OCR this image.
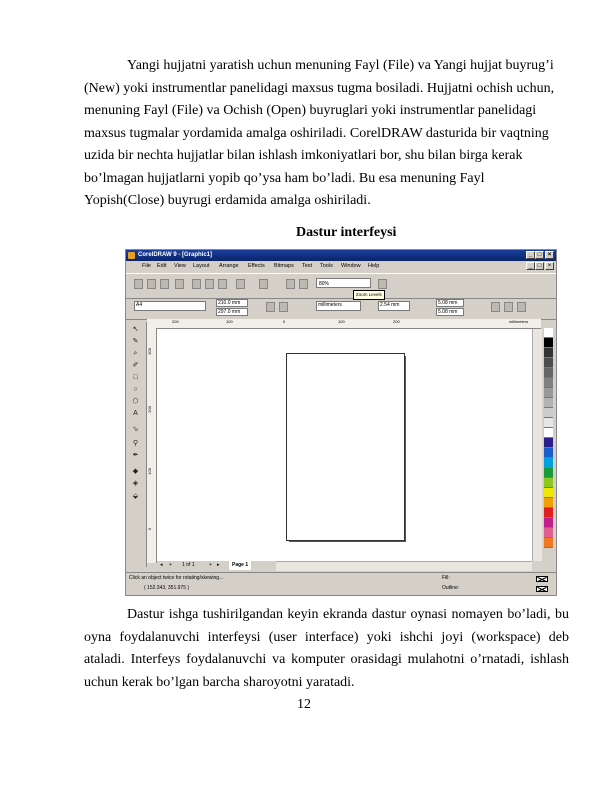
Yangi hujjatni yaratish uchun menuning Fayl (File) va Yangi hujjat buyrug’i
(New) yoki instrumentlar panelidagi maxsus tugma bosiladi. Hujjatni ochish uchun,
menuning Fayl (File) va Ochish (Open) buyruglari yoki instrumentlar panelidagi
maxsus tugmalar yordamida amalga oshiriladi. CorelDRAW dasturida bir vaqtning
uzida bir nechta hujjatlar bilan ishlash imkoniyatlari bor, shu bilan birga kerak
bo’lmagan hujjatlarni yopib qo’ysa ham bo’ladi. Bu esa menuning Fayl
Yopish(Close) buyrugi erdamida amalga oshiriladi.
Dastur interfeysi
CorelDRAW 9 - [Graphic1]	_ □	×
File Edit View Layout Arrange Effects Bitmaps Text Tools Window Help	_ □	×
80%
Zoom Levels
A4	210.0 mm
297.0 mm
millimeters	2.54 mm	5.08 mm
5.08 mm
↖
✎
⌕
✐
□
○
⬡
A
⬂
⚲
✒
◆
◈
⬙
200	100	0	100	200	millimeters
300
200
100
0
◂ + 1 of 1	+ ▸	Page 1
Click an object twice for rotating/skewing...
( 152.343, 351.975 )
Fill:
Outline:
Dastur ishga tushirilgandan keyin ekranda dastur oynasi nomayen bo’ladi, bu
oyna foydalanuvchi interfeysi (user interface) yoki ishchi joyi (workspace) deb
ataladi. Interfeys foydalanuvchi va komputer orasidagi mulahotni o’rnatadi, ishlash
uchun kerak bo’lgan barcha sharoyotni yaratadi.
12
